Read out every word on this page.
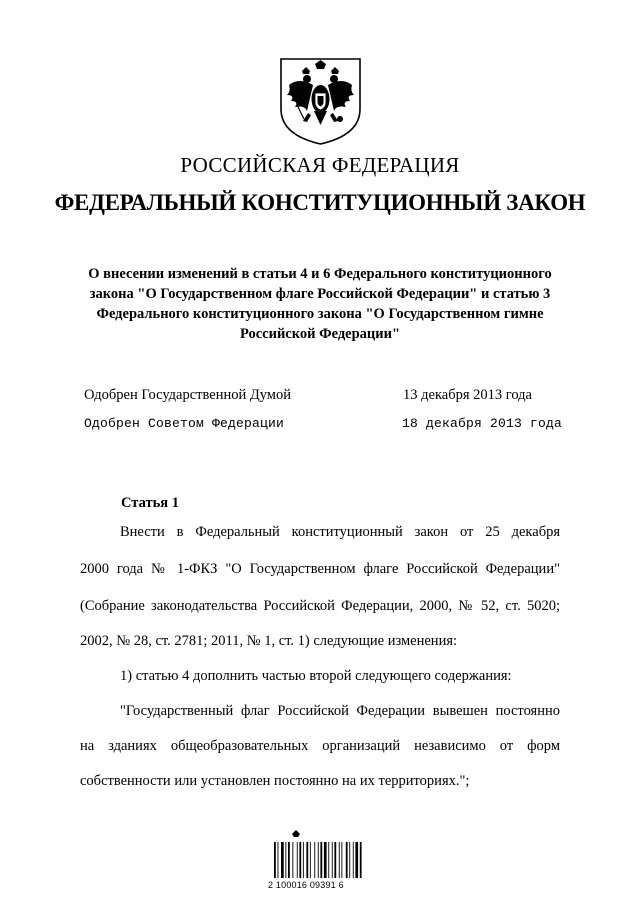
РОССИЙСКАЯ ФЕДЕРАЦИЯ
ФЕДЕРАЛЬНЫЙ КОНСТИТУЦИОННЫЙ ЗАКОН
О внесении изменений в статьи 4 и 6 Федерального конституционного
закона "О Государственном флаге Российской Федерации" и статью 3
Федерального конституционного закона "О Государственном гимне
Российской Федерации"
Одобрен Государственной Думой	13 декабря 2013 года
Одобрен Советом Федерации	18 декабря 2013 года
Статья 1
Внести в Федеральный конституционный закон от 25 декабря
2000 года № 1-ФКЗ "О Государственном флаге Российской Федерации"
(Собрание законодательства Российской Федерации, 2000, № 52, ст. 5020;
2002, № 28, ст. 2781; 2011, № 1, ст. 1) следующие изменения:
1) статью 4 дополнить частью второй следующего содержания:
"Государственный флаг Российской Федерации вывешен постоянно
на зданиях общеобразовательных организаций независимо от форм
собственности или установлен постоянно на их территориях.";
2 100016 09391 6
